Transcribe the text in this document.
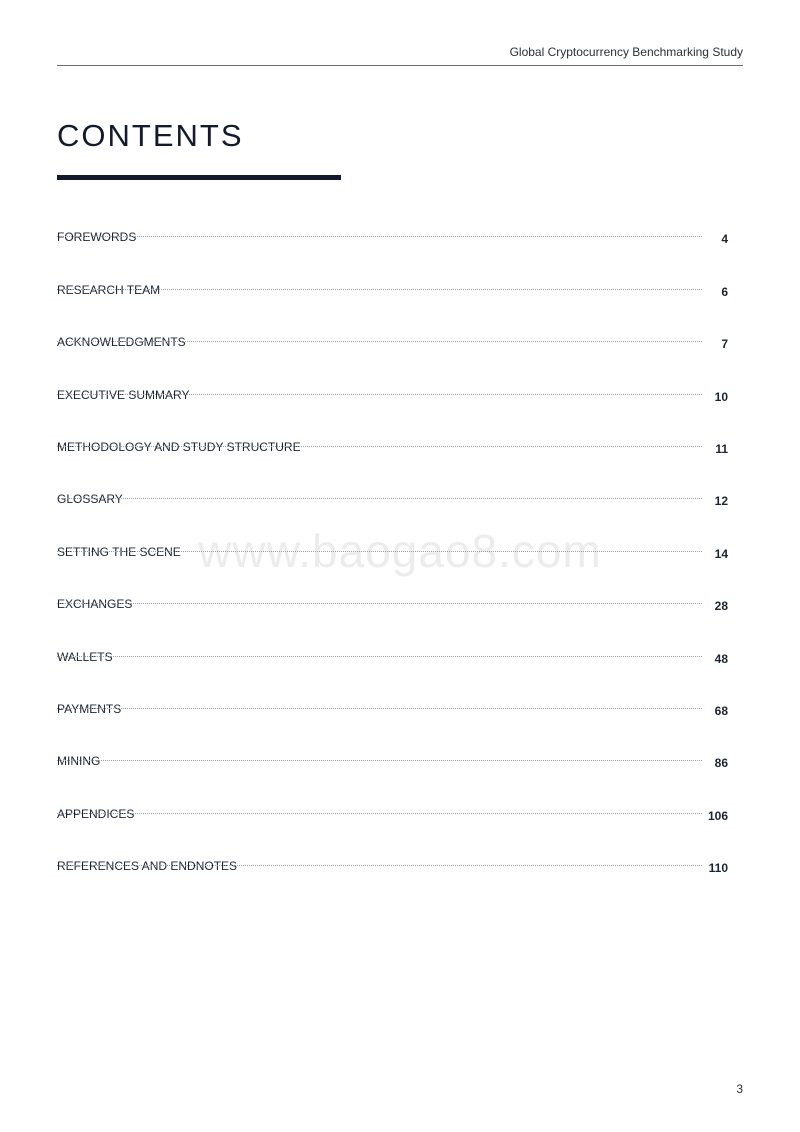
Global Cryptocurrency Benchmarking Study
CONTENTS
FOREWORDS	4
RESEARCH TEAM	6
ACKNOWLEDGMENTS	7
EXECUTIVE SUMMARY	10
METHODOLOGY AND STUDY STRUCTURE	11
GLOSSARY	12
SETTING THE SCENE	14
EXCHANGES	28
WALLETS	48
PAYMENTS	68
MINING	86
APPENDICES	106
REFERENCES AND ENDNOTES	110
www.baogao8.com
3
